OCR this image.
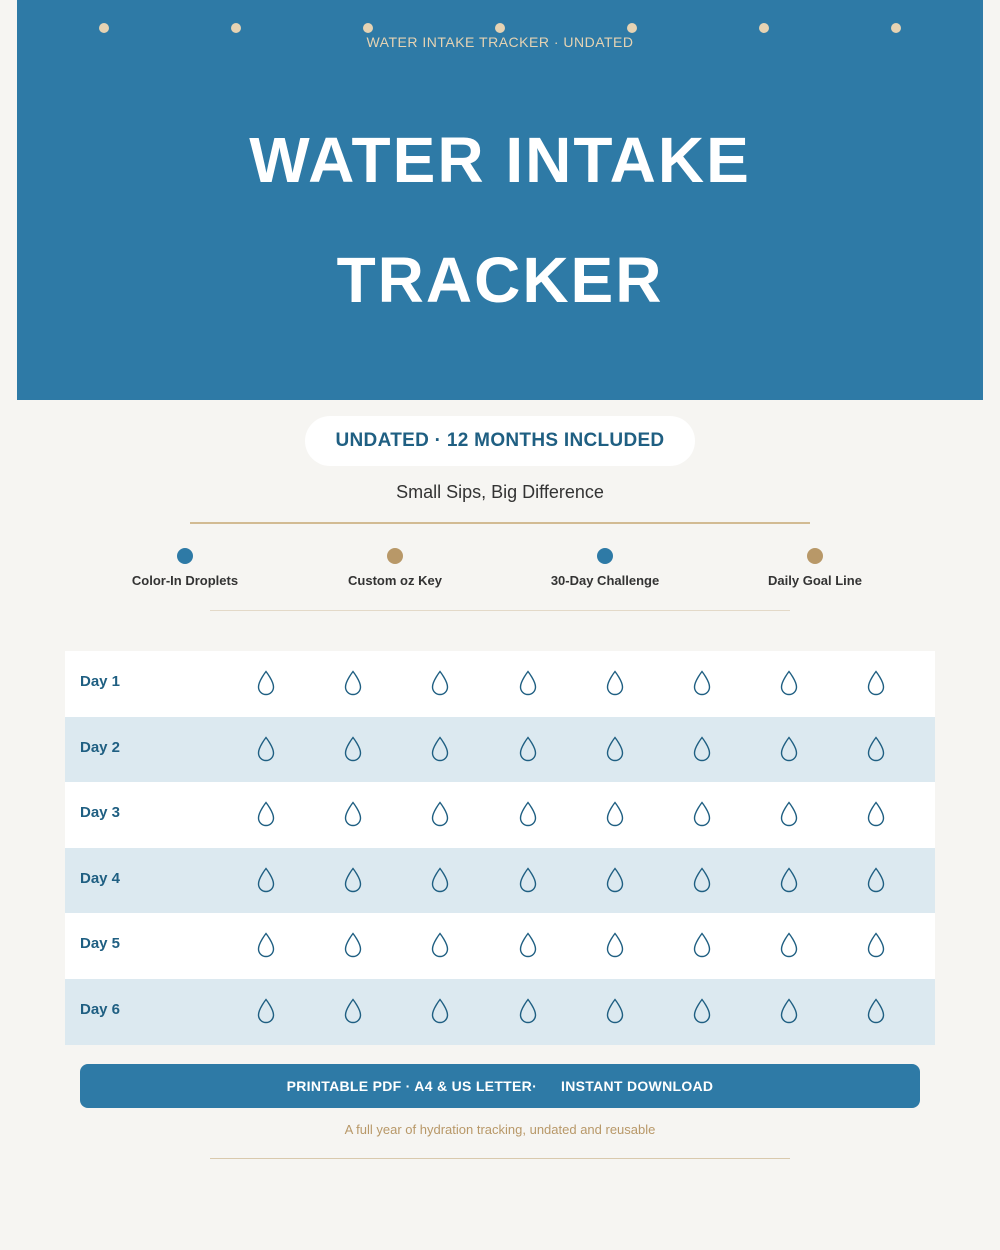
WATER INTAKE TRACKER · UNDATED
WATER INTAKE
TRACKER
UNDATED · 12 MONTHS INCLUDED
Small Sips, Big Difference
Color-In Droplets	Custom oz Key	30-Day Challenge	Daily Goal Line
Day 1
Day 2
Day 3
Day 4
Day 5
Day 6
PRINTABLE PDF · A4 & US LETTER· INSTANT DOWNLOAD
A full year of hydration tracking, undated and reusable
